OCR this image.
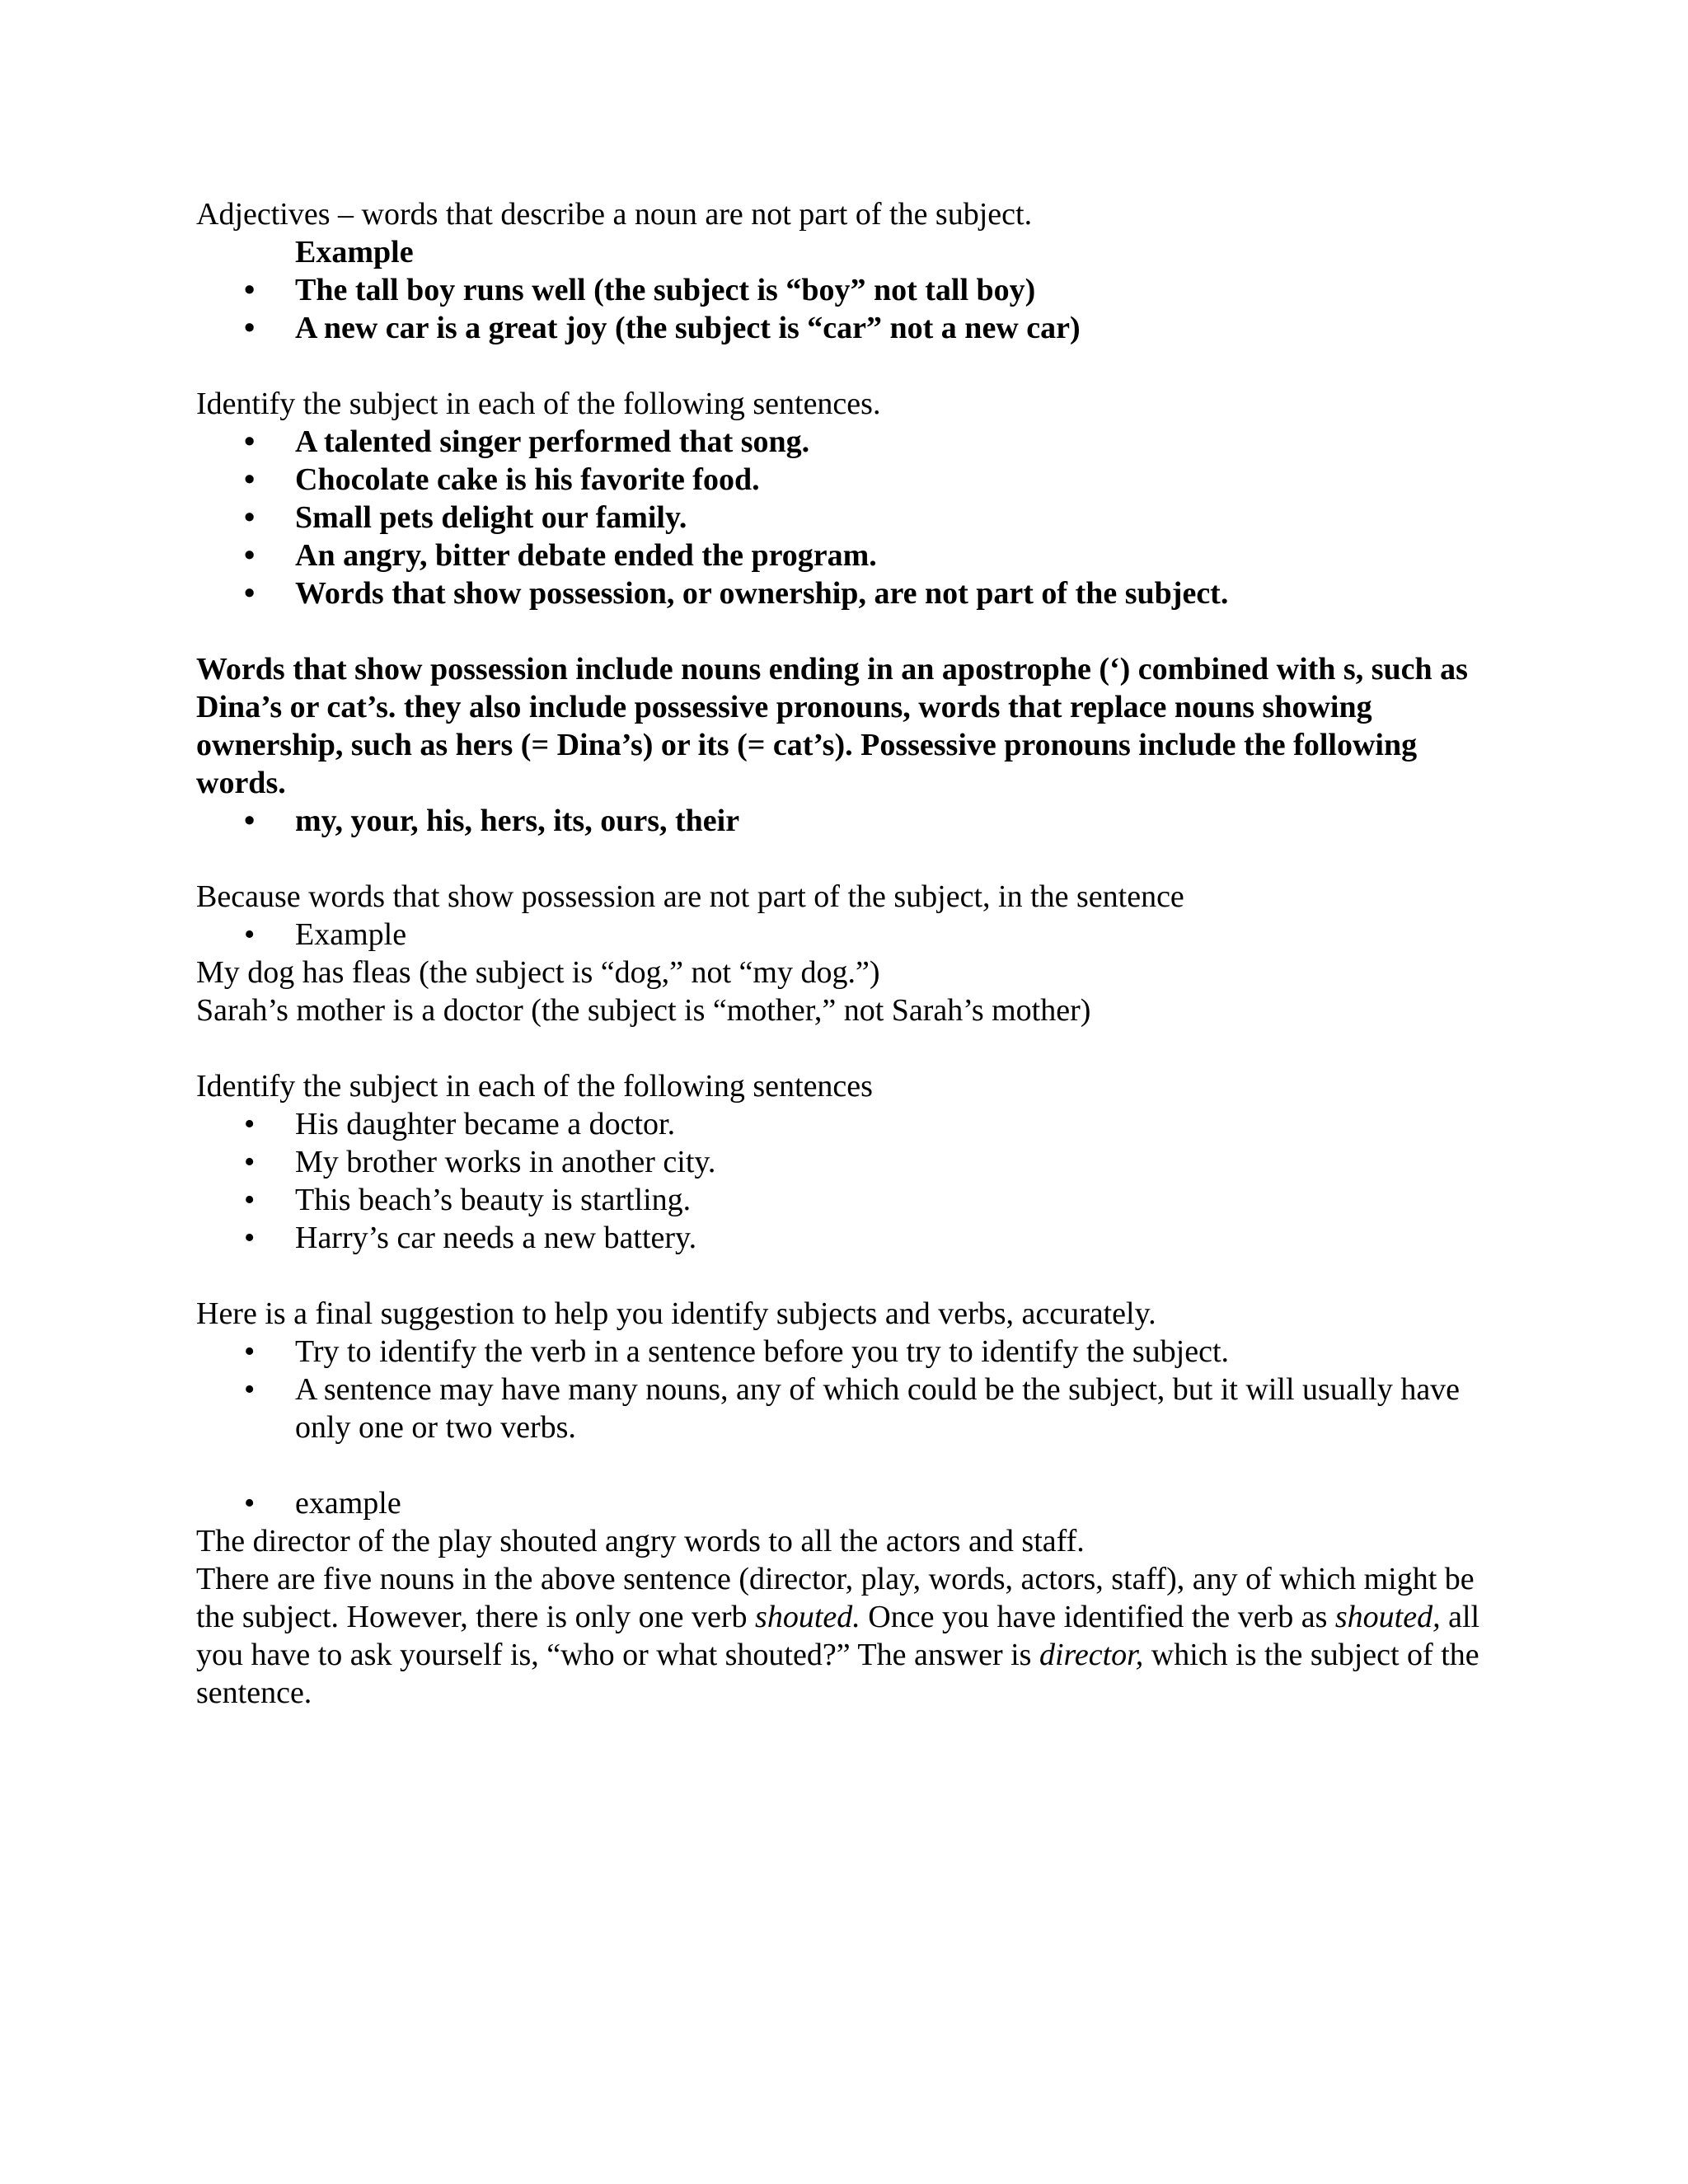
Adjectives – words that describe a noun are not part of the subject.

Example

• The tall boy runs well (the subject is “boy” not tall boy)
• A new car is a great joy (the subject is “car” not a new car)

Identify the subject in each of the following sentences.

• A talented singer performed that song.
• Chocolate cake is his favorite food.
• Small pets delight our family.
• An angry, bitter debate ended the program.
• Words that show possession, or ownership, are not part of the subject.

Words that show possession include nouns ending in an apostrophe (‘) combined with s, such as Dina’s or cat’s. they also include possessive pronouns, words that replace nouns showing ownership, such as hers (= Dina’s) or its (= cat’s). Possessive pronouns include the following words.

• my, your, his, hers, its, ours, their

Because words that show possession are not part of the subject, in the sentence

• Example

My dog has fleas (the subject is “dog,” not “my dog.”)

Sarah’s mother is a doctor (the subject is “mother,” not Sarah’s mother)

Identify the subject in each of the following sentences

• His daughter became a doctor.
• My brother works in another city.
• This beach’s beauty is startling.
• Harry’s car needs a new battery.

Here is a final suggestion to help you identify subjects and verbs, accurately.

• Try to identify the verb in a sentence before you try to identify the subject.
• A sentence may have many nouns, any of which could be the subject, but it will usually have only one or two verbs.
• example

The director of the play shouted angry words to all the actors and staff.

There are five nouns in the above sentence (director, play, words, actors, staff), any of which might be the subject. However, there is only one verb shouted. Once you have identified the verb as shouted, all you have to ask yourself is, “who or what shouted?” The answer is director, which is the subject of the sentence.
